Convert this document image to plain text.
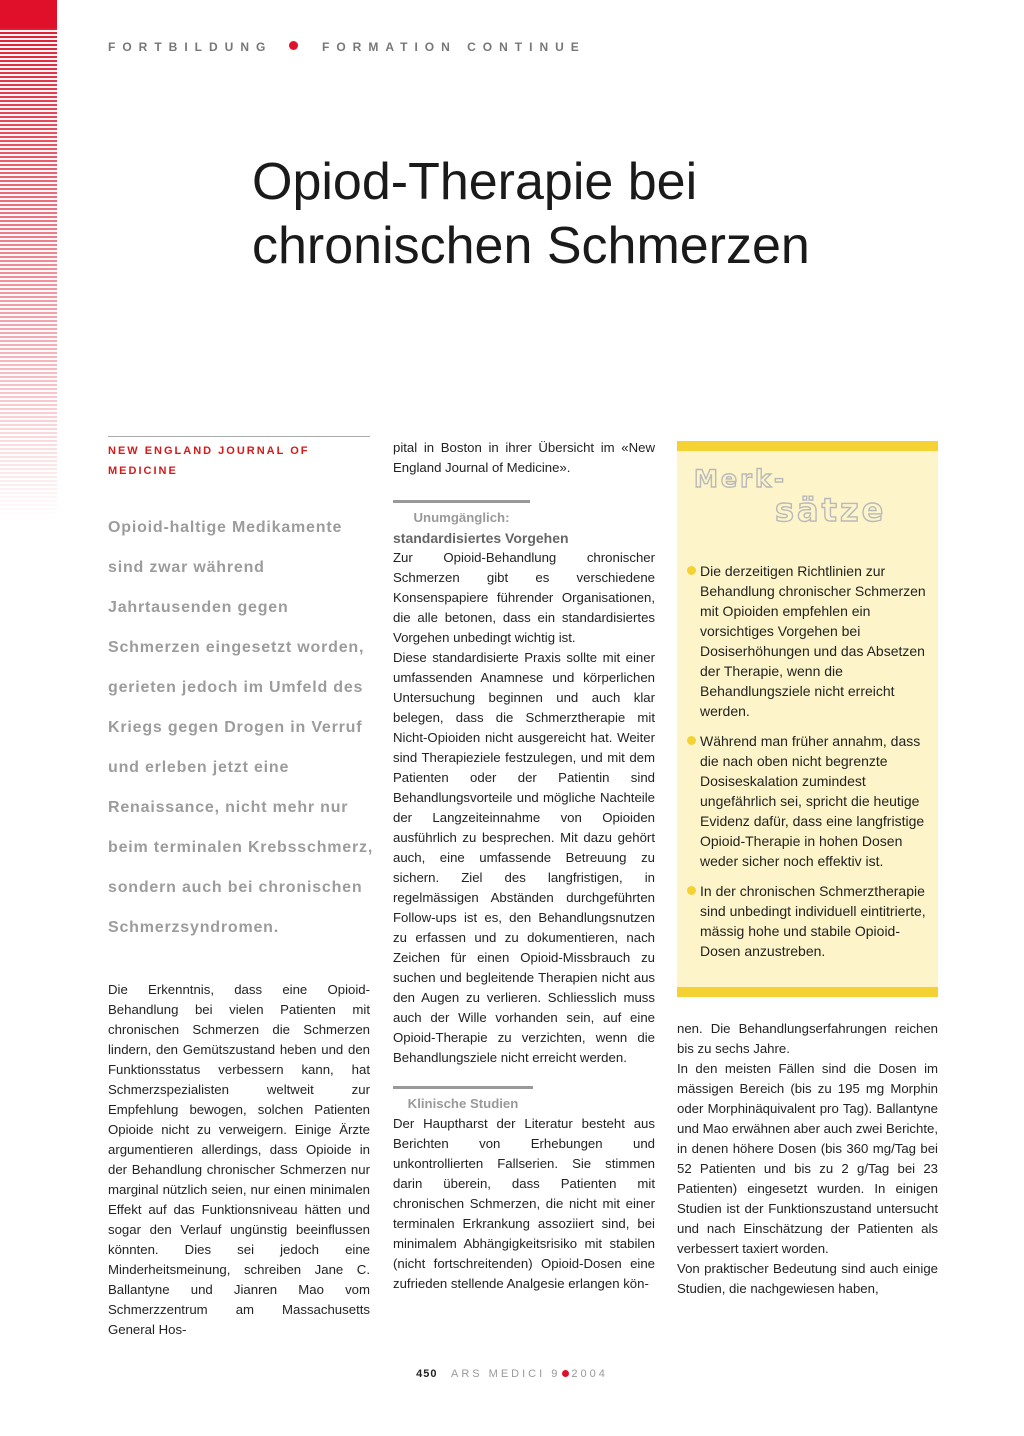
FORTBILDUNG	FORMATION CONTINUE
Opiod-Therapie bei
chronischen Schmerzen
NEW ENGLAND JOURNAL OF
MEDICINE
Opioid-haltige Medikamente sind zwar während Jahrtausenden gegen Schmerzen eingesetzt worden, gerieten jedoch im Umfeld des Kriegs gegen Drogen in Verruf und erleben jetzt eine Renaissance, nicht mehr nur beim terminalen Krebsschmerz, sondern auch bei chronischen Schmerzsyndromen.

Die Erkenntnis, dass eine Opioid-Behandlung bei vielen Patienten mit chronischen Schmerzen die Schmerzen lindern, den Gemütszustand heben und den Funktionsstatus verbessern kann, hat Schmerzspezialisten weltweit zur Empfehlung bewogen, solchen Patienten Opioide nicht zu verweigern. Einige Ärzte argumentieren allerdings, dass Opioide in der Behandlung chronischer Schmerzen nur marginal nützlich seien, nur einen minimalen Effekt auf das Funktionsniveau hätten und sogar den Verlauf ungünstig beeinflussen könnten. Dies sei jedoch eine Minderheitsmeinung, schreiben Jane C. Ballantyne und Jianren Mao vom Schmerzzentrum am Massachusetts General Hos-

pital in Boston in ihrer Übersicht im «New England Journal of Medicine».

Unumgänglich:

standardisiertes Vorgehen

Zur Opioid-Behandlung chronischer Schmerzen gibt es verschiedene Konsenspapiere führender Organisationen, die alle betonen, dass ein standardisiertes Vorgehen unbedingt wichtig ist.

Diese standardisierte Praxis sollte mit einer umfassenden Anamnese und körperlichen Untersuchung beginnen und auch klar belegen, dass die Schmerztherapie mit Nicht-Opioiden nicht ausgereicht hat. Weiter sind Therapieziele festzulegen, und mit dem Patienten oder der Patientin sind Behandlungsvorteile und mögliche Nachteile der Langzeiteinnahme von Opioiden ausführlich zu besprechen. Mit dazu gehört auch, eine umfassende Betreuung zu sichern. Ziel des langfristigen, in regelmässigen Abständen durchgeführten Follow-ups ist es, den Behandlungsnutzen zu erfassen und zu dokumentieren, nach Zeichen für einen Opioid-Missbrauch zu suchen und begleitende Therapien nicht aus den Augen zu verlieren. Schliesslich muss auch der Wille vorhanden sein, auf eine Opioid-Therapie zu verzichten, wenn die Behandlungsziele nicht erreicht werden.

Klinische Studien

Der Hauptharst der Literatur besteht aus Berichten von Erhebungen und unkontrollierten Fallserien. Sie stimmen darin überein, dass Patienten mit chronischen Schmerzen, die nicht mit einer terminalen Erkrankung assoziiert sind, bei minimalem Abhängigkeitsrisiko mit stabilen (nicht fortschreitenden) Opioid-Dosen eine zufrieden stellende Analgesie erlangen kön-

Merk-
sätze
Die derzeitigen Richtlinien zur Behandlung chronischer Schmerzen mit Opioiden empfehlen ein vorsichtiges Vorgehen bei Dosiserhöhungen und das Absetzen der Therapie, wenn die Behandlungsziele nicht erreicht werden.
Während man früher annahm, dass die nach oben nicht begrenzte Dosiseskalation zumindest ungefährlich sei, spricht die heutige Evidenz dafür, dass eine langfristige Opioid-Therapie in hohen Dosen weder sicher noch effektiv ist.
In der chronischen Schmerztherapie sind unbedingt individuell eintitrierte, mässig hohe und stabile Opioid-Dosen anzustreben.

nen. Die Behandlungserfahrungen reichen bis zu sechs Jahre.

In den meisten Fällen sind die Dosen im mässigen Bereich (bis zu 195 mg Morphin oder Morphinäquivalent pro Tag). Ballantyne und Mao erwähnen aber auch zwei Berichte, in denen höhere Dosen (bis 360 mg/Tag bei 52 Patienten und bis zu 2 g/Tag bei 23 Patienten) eingesetzt wurden. In einigen Studien ist der Funktionszustand untersucht und nach Einschätzung der Patienten als verbessert taxiert worden.

Von praktischer Bedeutung sind auch einige Studien, die nachgewiesen haben,

450 ARS MEDICI 9 2004
